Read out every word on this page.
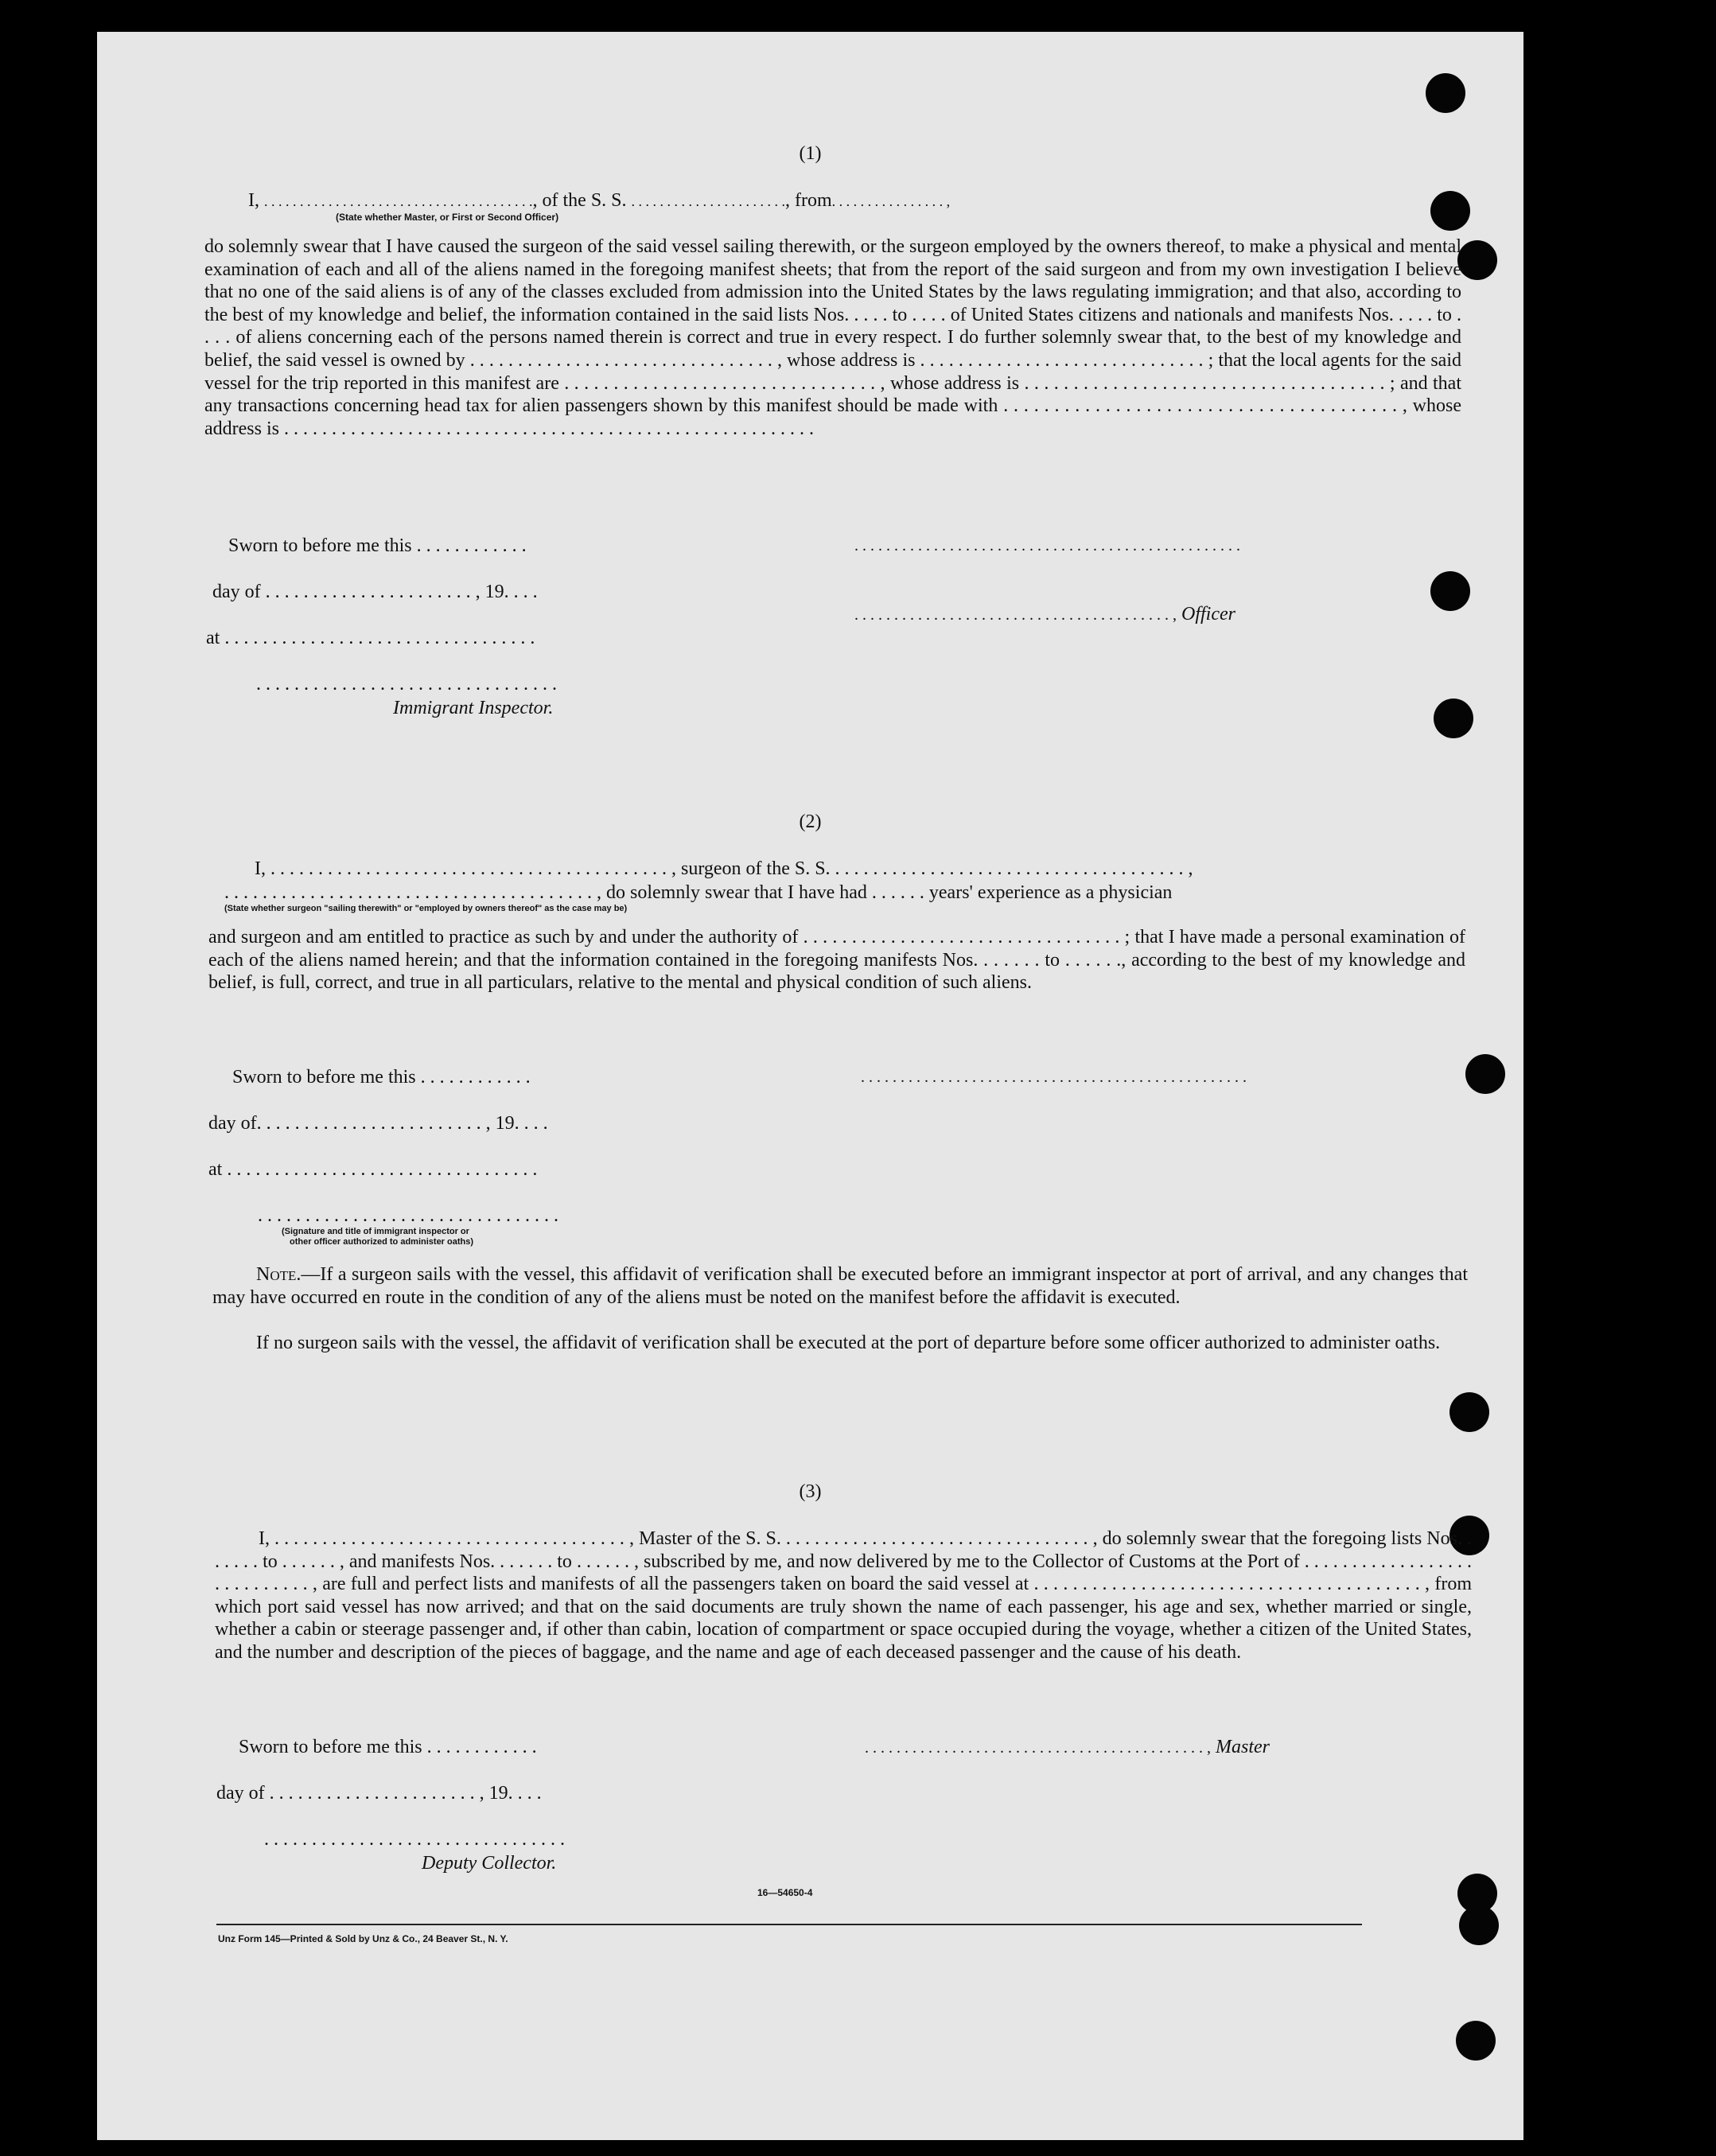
(1)
I, . . . . . . . . . . . . . . . . . . . . . . . . . . . . . . . . . . . . . ., of the S. S. . . . . . . . . . . . . . . . . . . . . . ., from. . . . . . . . . . . . . . . . ,
(State whether Master, or First or Second Officer)
do solemnly swear that I have caused the surgeon of the said vessel sailing therewith, or the surgeon employed by the owners thereof, to make a physical and mental examination of each and all of the aliens named in the foregoing manifest sheets; that from the report of the said surgeon and from my own investigation I believe that no one of the said aliens is of any of the classes excluded from admission into the United States by the laws regulating immigration; and that also, according to the best of my knowledge and belief, the information contained in the said lists Nos. . . . . to . . . . of United States citizens and nationals and manifests Nos. . . . . to . . . . of aliens concerning each of the persons named therein is correct and true in every respect. I do further solemnly swear that, to the best of my knowledge and belief, the said vessel is owned by . . . . . . . . . . . . . . . . . . . . . . . . . . . . . . . . , whose address is . . . . . . . . . . . . . . . . . . . . . . . . . . . . . . ; that the local agents for the said vessel for the trip reported in this manifest are . . . . . . . . . . . . . . . . . . . . . . . . . . . . . . . . , whose address is . . . . . . . . . . . . . . . . . . . . . . . . . . . . . . . . . . . . . ; and that any transactions concerning head tax for alien passengers shown by this manifest should be made with . . . . . . . . . . . . . . . . . . . . . . . . . . . . . . . . . . . . . . . , whose address is . . . . . . . . . . . . . . . . . . . . . . . . . . . . . . . . . . . . . . . . . . . . . . . . . . . . . . . .
Sworn to before me this . . . . . . . . . . . .
day of . . . . . . . . . . . . . . . . . . . . . . , 19. . . .
at . . . . . . . . . . . . . . . . . . . . . . . . . . . . . . . . .
. . . . . . . . . . . . . . . . . . . . . . . . . . . . . . . .
Immigrant Inspector.
. . . . . . . . . . . . . . . . . . . . . . . . . . . . . . . . . . . . . . . . . . . . . . . . .
. . . . . . . . . . . . . . . . . . . . . . . . . . . . . . . . . . . . . . . . , Officer
(2)
I, . . . . . . . . . . . . . . . . . . . . . . . . . . . . . . . . . . . . . . . . . . , surgeon of the S. S. . . . . . . . . . . . . . . . . . . . . . . . . . . . . . . . . . . . . . ,
. . . . . . . . . . . . . . . . . . . . . . . . . . . . . . . . . . . . . . . , do solemnly swear that I have had . . . . . . years' experience as a physician
(State whether surgeon "sailing therewith" or "employed by owners thereof" as the case may be)
and surgeon and am entitled to practice as such by and under the authority of . . . . . . . . . . . . . . . . . . . . . . . . . . . . . . . . . ; that I have made a personal examination of each of the aliens named herein; and that the information contained in the foregoing manifests Nos. . . . . . . to . . . . . ., according to the best of my knowledge and belief, is full, correct, and true in all particulars, relative to the mental and physical condition of such aliens.
Sworn to before me this . . . . . . . . . . . .
day of. . . . . . . . . . . . . . . . . . . . . . . . , 19. . . .
at . . . . . . . . . . . . . . . . . . . . . . . . . . . . . . . . .
. . . . . . . . . . . . . . . . . . . . . . . . . . . . . . . .
(Signature and title of immigrant inspector or
other officer authorized to administer oaths)
. . . . . . . . . . . . . . . . . . . . . . . . . . . . . . . . . . . . . . . . . . . . . . . . .
Note.—If a surgeon sails with the vessel, this affidavit of verification shall be executed before an immigrant inspector at port of arrival, and any changes that may have occurred en route in the condition of any of the aliens must be noted on the manifest before the affidavit is executed.
If no surgeon sails with the vessel, the affidavit of verification shall be executed at the port of departure before some officer authorized to administer oaths.
(3)
I, . . . . . . . . . . . . . . . . . . . . . . . . . . . . . . . . . . . . . , Master of the S. S. . . . . . . . . . . . . . . . . . . . . . . . . . . . . . . . . , do solemnly swear that the foregoing lists Nos. . . . . . . to . . . . . . , and manifests Nos. . . . . . . to . . . . . . , subscribed by me, and now delivered by me to the Collector of Customs at the Port of . . . . . . . . . . . . . . . . . . . . . . . . . . . . , are full and perfect lists and manifests of all the passengers taken on board the said vessel at . . . . . . . . . . . . . . . . . . . . . . . . . . . . . . . . . . . . . . . . , from which port said vessel has now arrived; and that on the said documents are truly shown the name of each passenger, his age and sex, whether married or single, whether a cabin or steerage passenger and, if other than cabin, location of compartment or space occupied during the voyage, whether a citizen of the United States, and the number and description of the pieces of baggage, and the name and age of each deceased passenger and the cause of his death.
Sworn to before me this . . . . . . . . . . . .
day of . . . . . . . . . . . . . . . . . . . . . . , 19. . . .
. . . . . . . . . . . . . . . . . . . . . . . . . . . . . . . .
Deputy Collector.
. . . . . . . . . . . . . . . . . . . . . . . . . . . . . . . . . . . . . . . . . . . , Master
16—54650-4
Unz Form 145—Printed & Sold by Unz & Co., 24 Beaver St., N. Y.
